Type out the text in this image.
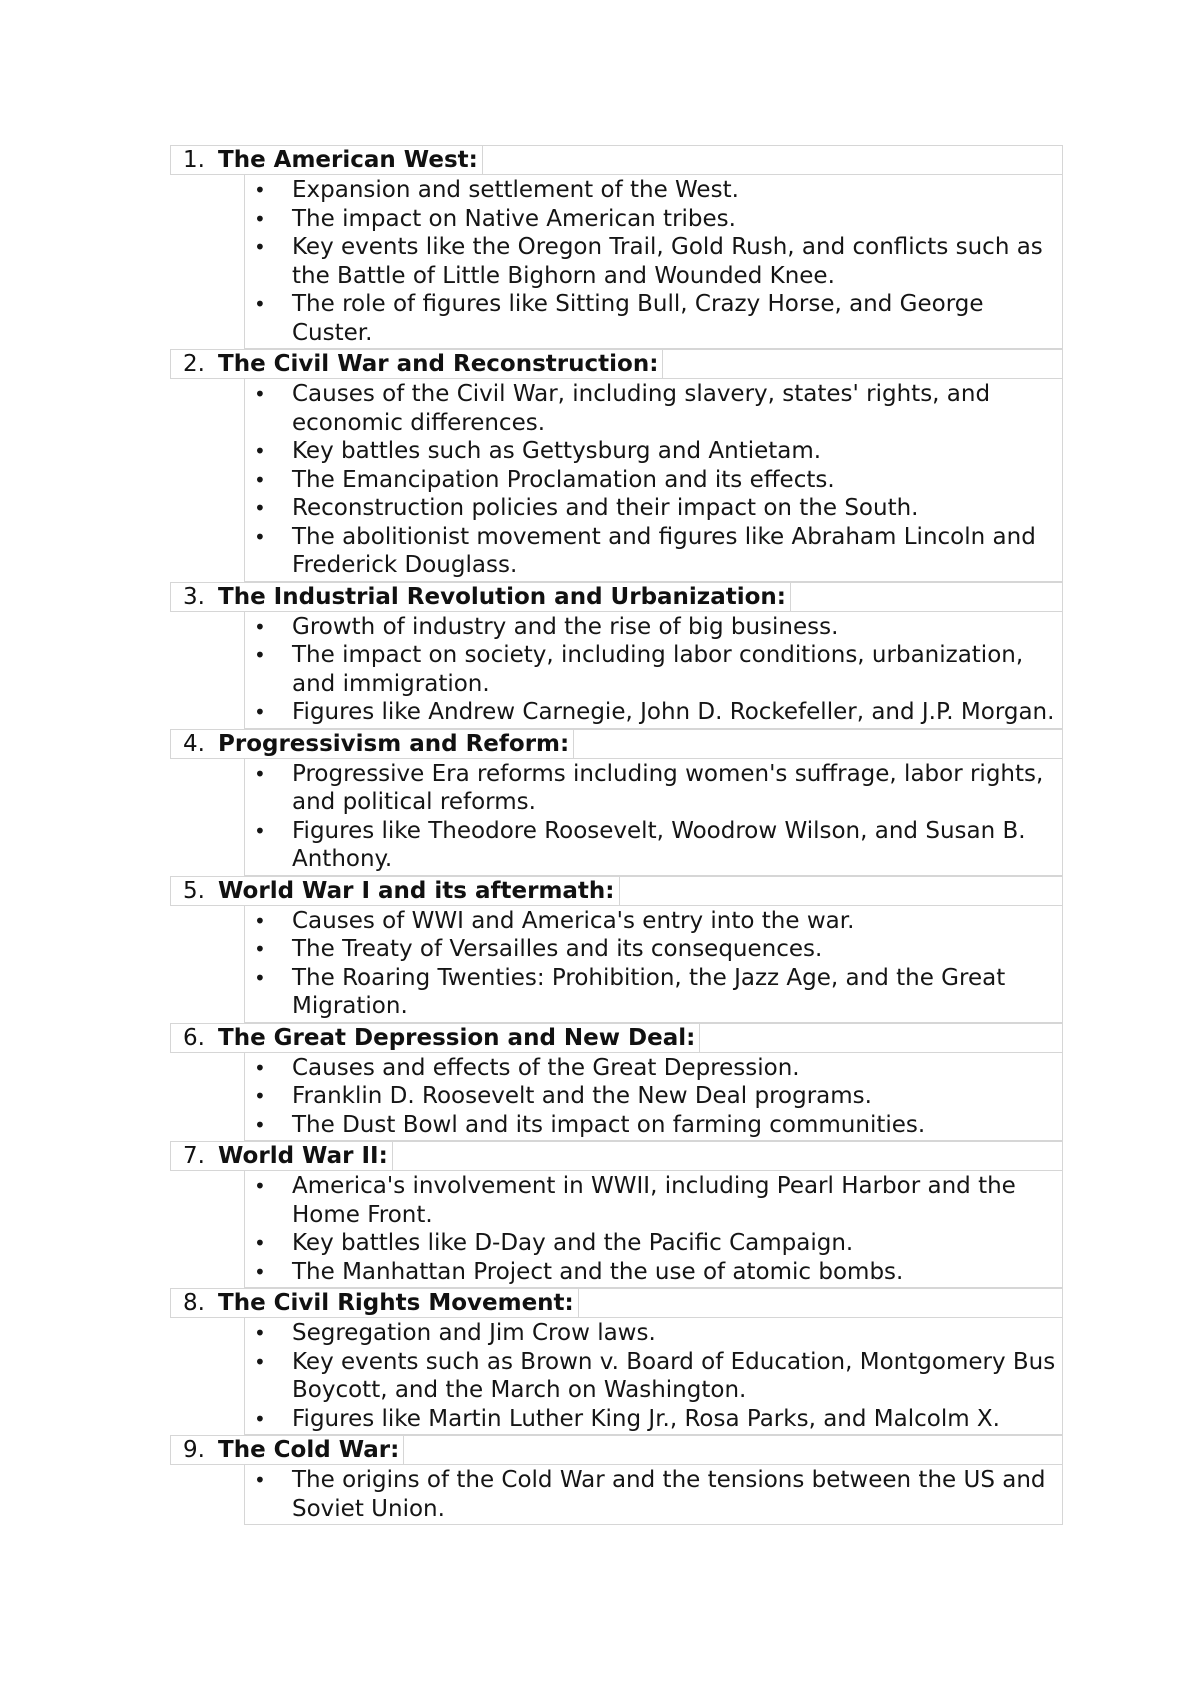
1. The American West:
• Expansion and settlement of the West.
• The impact on Native American tribes.
• Key events like the Oregon Trail, Gold Rush, and conflicts such as the Battle of Little Bighorn and Wounded Knee.
• The role of figures like Sitting Bull, Crazy Horse, and George Custer.
2. The Civil War and Reconstruction:
• Causes of the Civil War, including slavery, states' rights, and economic differences.
• Key battles such as Gettysburg and Antietam.
• The Emancipation Proclamation and its effects.
• Reconstruction policies and their impact on the South.
• The abolitionist movement and figures like Abraham Lincoln and Frederick Douglass.
3. The Industrial Revolution and Urbanization:
• Growth of industry and the rise of big business.
• The impact on society, including labor conditions, urbanization, and immigration.
• Figures like Andrew Carnegie, John D. Rockefeller, and J.P. Morgan.
4. Progressivism and Reform:
• Progressive Era reforms including women's suffrage, labor rights, and political reforms.
• Figures like Theodore Roosevelt, Woodrow Wilson, and Susan B. Anthony.
5. World War I and its aftermath:
• Causes of WWI and America's entry into the war.
• The Treaty of Versailles and its consequences.
• The Roaring Twenties: Prohibition, the Jazz Age, and the Great Migration.
6. The Great Depression and New Deal:
• Causes and effects of the Great Depression.
• Franklin D. Roosevelt and the New Deal programs.
• The Dust Bowl and its impact on farming communities.
7. World War II:
• America's involvement in WWII, including Pearl Harbor and the Home Front.
• Key battles like D-Day and the Pacific Campaign.
• The Manhattan Project and the use of atomic bombs.
8. The Civil Rights Movement:
• Segregation and Jim Crow laws.
• Key events such as Brown v. Board of Education, Montgomery Bus Boycott, and the March on Washington.
• Figures like Martin Luther King Jr., Rosa Parks, and Malcolm X.
9. The Cold War:
• The origins of the Cold War and the tensions between the US and Soviet Union.
